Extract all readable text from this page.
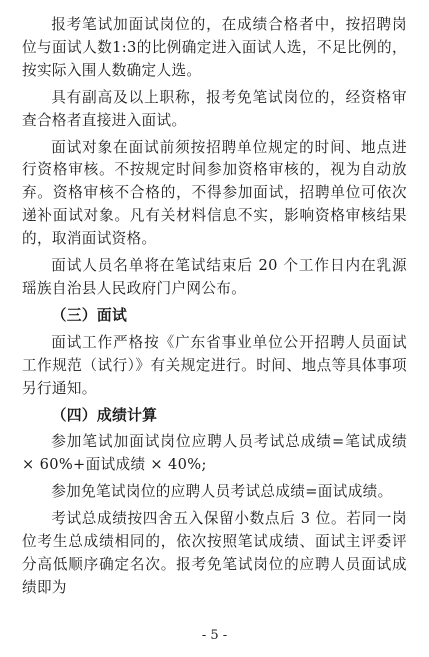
报考笔试加面试岗位的，在成绩合格者中，按招聘岗位与面试人数1:3的比例确定进入面试人选，不足比例的，按实际入围人数确定人选。

具有副高及以上职称，报考免笔试岗位的，经资格审查合格者直接进入面试。

面试对象在面试前须按招聘单位规定的时间、地点进行资格审核。不按规定时间参加资格审核的，视为自动放弃。资格审核不合格的，不得参加面试，招聘单位可依次递补面试对象。凡有关材料信息不实，影响资格审核结果的，取消面试资格。

面试人员名单将在笔试结束后 20 个工作日内在乳源瑶族自治县人民政府门户网公布。

（三）面试

面试工作严格按《广东省事业单位公开招聘人员面试工作规范（试行）》有关规定进行。时间、地点等具体事项另行通知。

（四）成绩计算

参加笔试加面试岗位应聘人员考试总成绩=笔试成绩 × 60%+面试成绩 × 40%;

参加免笔试岗位的应聘人员考试总成绩=面试成绩。

考试总成绩按四舍五入保留小数点后 3 位。若同一岗位考生总成绩相同的，依次按照笔试成绩、面试主评委评分高低顺序确定名次。报考免笔试岗位的应聘人员面试成绩即为

- 5 -
